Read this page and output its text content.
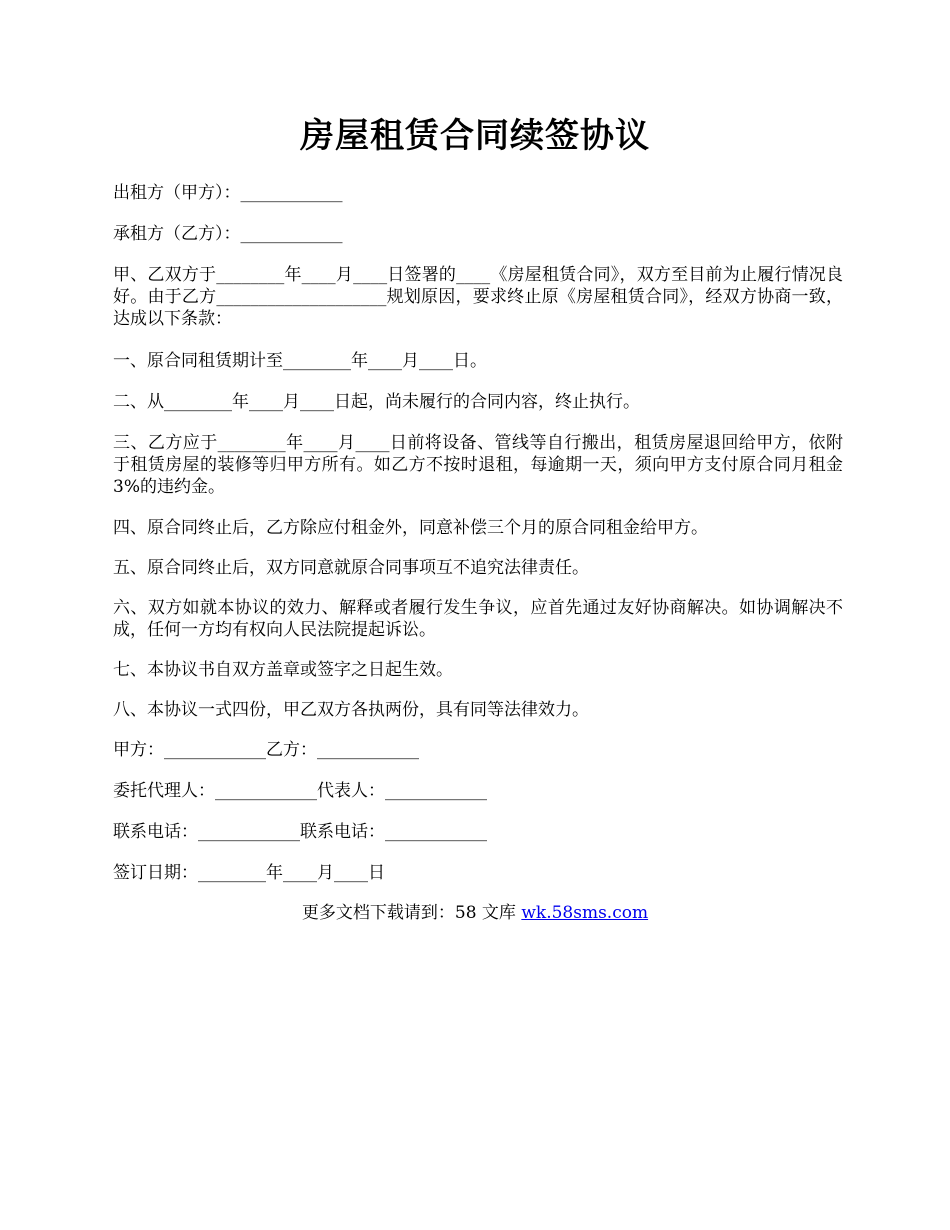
房屋租赁合同续签协议
出租方（甲方）：____________
承租方（乙方）：____________
甲、乙双方于________年____月____日签署的____《房屋租赁合同》，双方至目前为止履行情况良好。由于乙方____________________规划原因，要求终止原《房屋租赁合同》，经双方协商一致，达成以下条款：
一、原合同租赁期计至________年____月____日。
二、从________年____月____日起，尚未履行的合同内容，终止执行。
三、乙方应于________年____月____日前将设备、管线等自行搬出，租赁房屋退回给甲方，依附于租赁房屋的装修等归甲方所有。如乙方不按时退租，每逾期一天，须向甲方支付原合同月租金3%的违约金。
四、原合同终止后，乙方除应付租金外，同意补偿三个月的原合同租金给甲方。
五、原合同终止后，双方同意就原合同事项互不追究法律责任。
六、双方如就本协议的效力、解释或者履行发生争议，应首先通过友好协商解决。如协调解决不成，任何一方均有权向人民法院提起诉讼。
七、本协议书自双方盖章或签字之日起生效。
八、本协议一式四份，甲乙双方各执两份，具有同等法律效力。
甲方：____________乙方：____________
委托代理人：____________代表人：____________
联系电话：____________联系电话：____________
签订日期：________年____月____日
更多文档下载请到：58 文库 wk.58sms.com
